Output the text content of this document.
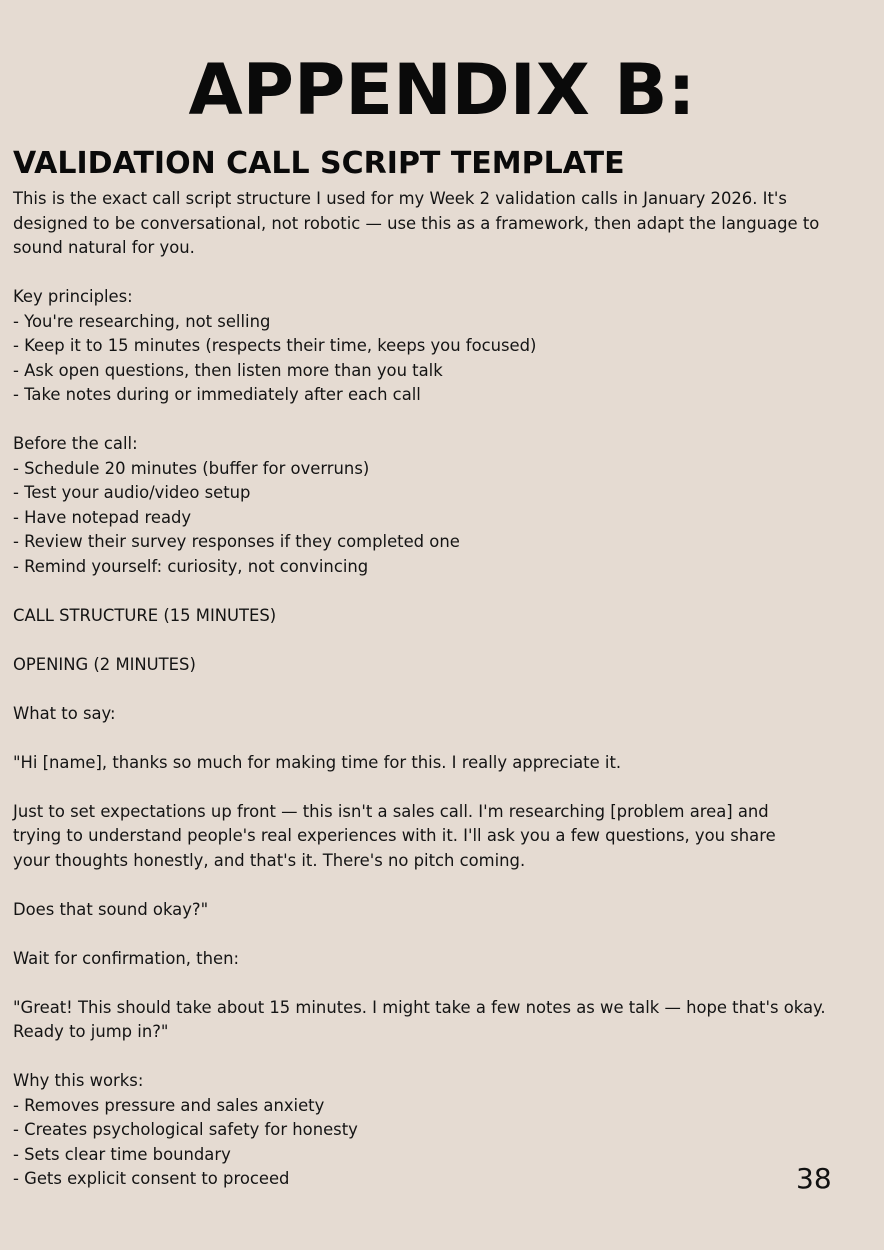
APPENDIX B:
VALIDATION CALL SCRIPT TEMPLATE
This is the exact call script structure I used for my Week 2 validation calls in January 2026. It's
designed to be conversational, not robotic — use this as a framework, then adapt the language to
sound natural for you.
Key principles:
- You're researching, not selling
- Keep it to 15 minutes (respects their time, keeps you focused)
- Ask open questions, then listen more than you talk
- Take notes during or immediately after each call
Before the call:
- Schedule 20 minutes (buffer for overruns)
- Test your audio/video setup
- Have notepad ready
- Review their survey responses if they completed one
- Remind yourself: curiosity, not convincing
CALL STRUCTURE (15 MINUTES)
OPENING (2 MINUTES)
What to say:
"Hi [name], thanks so much for making time for this. I really appreciate it.
Just to set expectations up front — this isn't a sales call. I'm researching [problem area] and
trying to understand people's real experiences with it. I'll ask you a few questions, you share
your thoughts honestly, and that's it. There's no pitch coming.
Does that sound okay?"
Wait for confirmation, then:
"Great! This should take about 15 minutes. I might take a few notes as we talk — hope that's okay.
Ready to jump in?"
Why this works:
- Removes pressure and sales anxiety
- Creates psychological safety for honesty
- Sets clear time boundary
- Gets explicit consent to proceed	38
